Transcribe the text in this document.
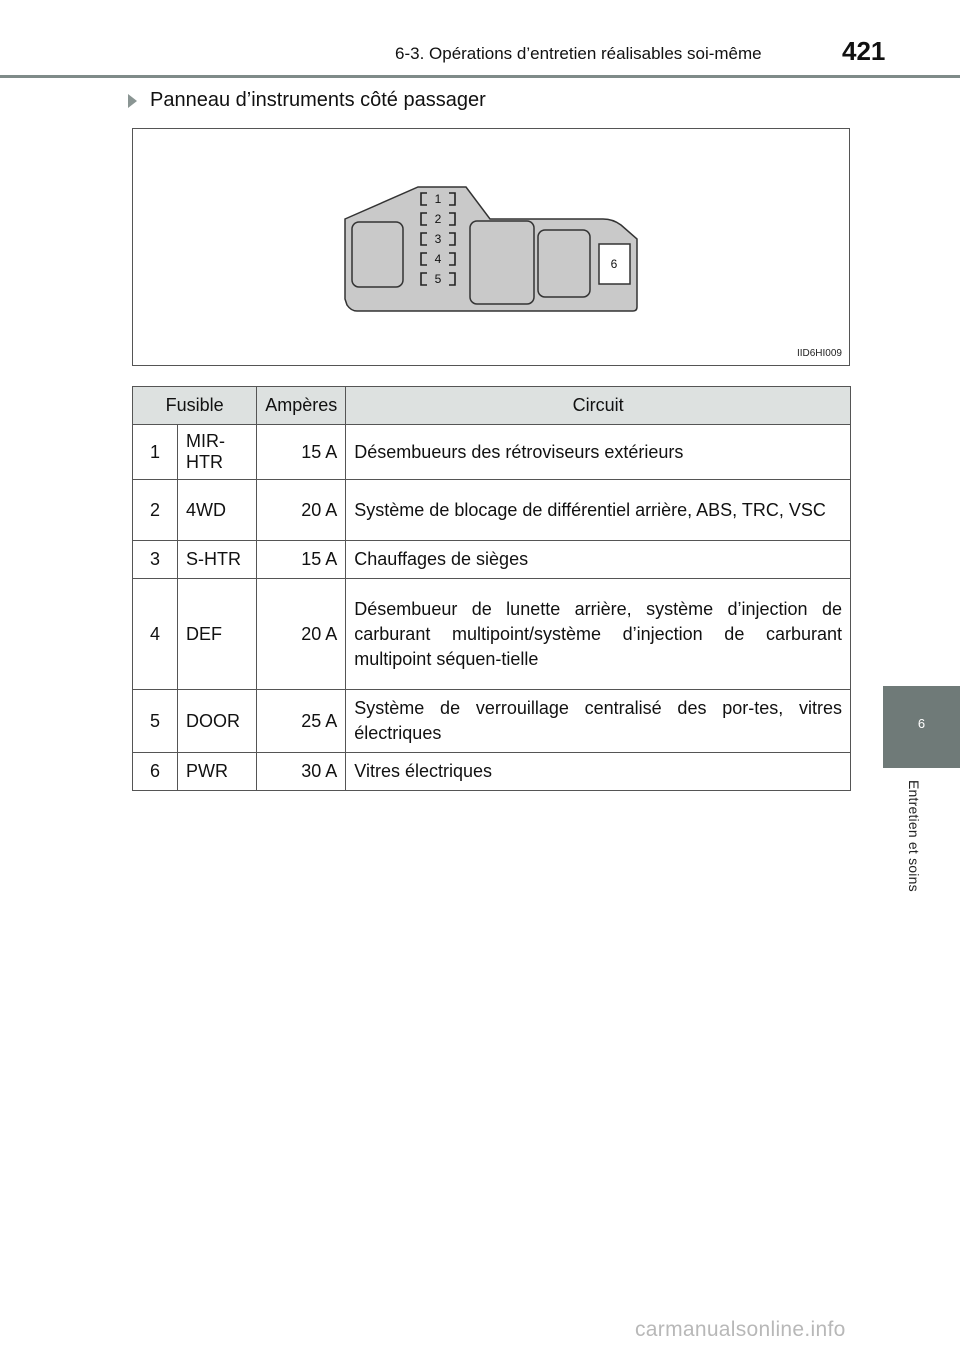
6-3. Opérations d’entretien réalisables soi-même	421
Panneau d’instruments côté passager
1
2
3
4
5
6
IID6HI009
Fusible		Ampères	Circuit
1	MIR-HTR	15 A	Désembueurs des rétroviseurs extérieurs
2	4WD	20 A	Système de blocage de différentiel arrière, ABS, TRC, VSC
3	S-HTR	15 A	Chauffages de sièges
4	DEF	20 A	Désembueur de lunette arrière, système d’injection de carburant multipoint/système d’injection de carburant multipoint séquen-tielle
5	DOOR	25 A	Système de verrouillage centralisé des por-tes, vitres électriques
6	PWR	30 A	Vitres électriques
6
Entretien et soins
carmanualsonline.info
